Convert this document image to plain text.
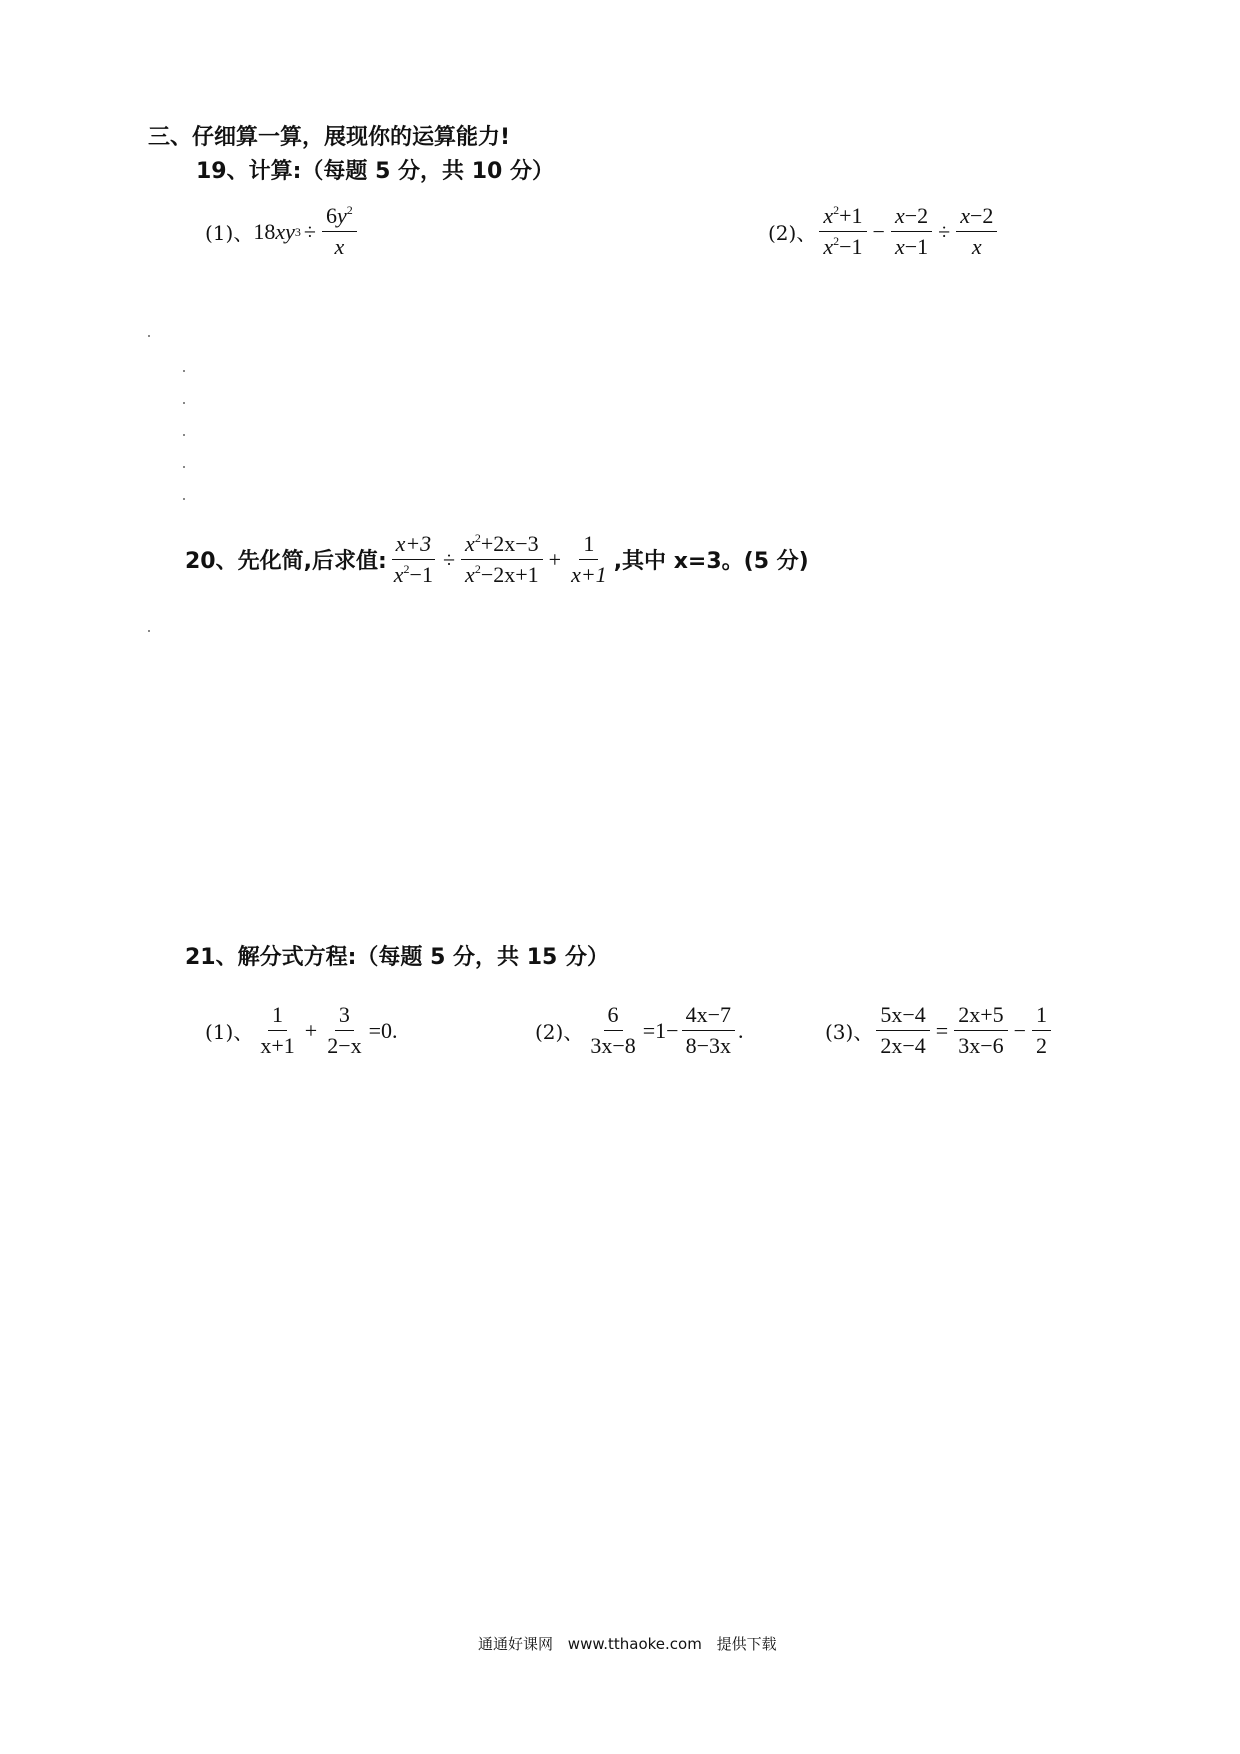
三、仔细算一算，展现你的运算能力!
19、计算:（每题 5 分，共 10 分）
(1)、 18 x y $3 \div \frac{6y^2}{x}$	(2)、 $\frac{x^2+1}{x^2-1} - \frac{x-2}{x-1} \div \frac{x-2}{x}$
20、先化简,后求值: $\frac{x+3}{x^2-1} \div \frac{x^2+2x-3}{x^2-2x+1} + \frac{1}{x+1}$ ,其中 x=3。(5 分)
21、解分式方程:（每题 5 分，共 15 分）
(1)、 $\frac{1}{x+1} + \frac{3}{2-x} =0$.	(2)、 $\frac{6}{3x-8} =1- \frac{4x-7}{8-3x}$ .	(3)、 $\frac{5x-4}{2x-4} = \frac{2x+5}{3x-6} - \frac{1}{2}$
通通好课网 www.tthaoke.com 提供下载
